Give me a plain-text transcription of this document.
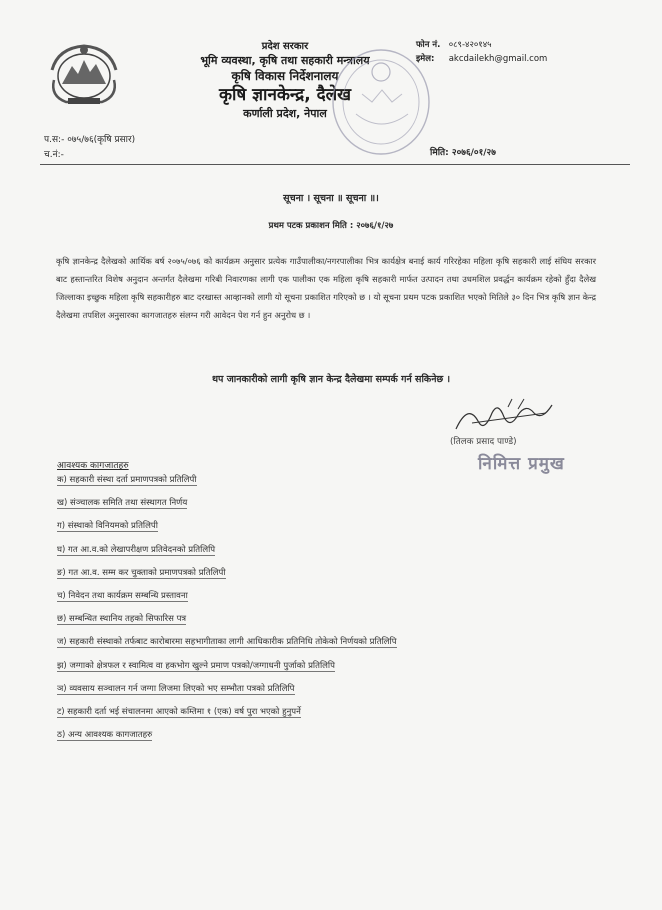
प्रदेश सरकार
भूमि व्यवस्था, कृषि तथा सहकारी मन्त्रालय
कृषि विकास निर्देशनालय
कृषि ज्ञानकेन्द्र, दैलेख
कर्णाली प्रदेश, नेपाल
फोन नं. ०८९-४२०१४५
इमेल: akcdailekh@gmail.com
प.स:- ०७५/७६(कृषि प्रसार)
च.नं:-	मिति: २०७६/०१/२७
सूचना । सूचना ॥ सूचना ॥।
प्रथम पटक प्रकाशन मिति : २०७६/१/२७
कृषि ज्ञानकेन्द्र दैलेखको आर्थिक बर्ष २०७५/०७६ को कार्यक्रम अनुसार प्रत्येक गाउँपालीका/नगरपालीका भित्र कार्यक्षेत्र बनाई कार्य गरिरहेका महिला कृषि सहकारी लाई संघिय सरकार बाट हस्तान्तरित विशेष अनुदान अन्तर्गत दैलेखमा गरिबी निवारणका लागी एक पालीका एक महिला कृषि सहकारी मार्फत उत्पादन तथा उधमशिल प्रवर्द्धन कार्यक्रम रहेको हुँदा दैलेख जिल्लाका इच्छुक महिला कृषि सहकारीहरु बाट दरखास्त आव्हानको लागी यो सूचना प्रकाशित गरिएको छ । यो सूचना प्रथम पटक प्रकाशित भएको मितिले ३० दिन भित्र कृषि ज्ञान केन्द्र दैलेखमा तपशिल अनुसारका कागजातहरु संलग्न गरी आवेदन पेश गर्न हुन अनुरोध छ ।
थप जानकारीको लागी कृषि ज्ञान केन्द्र दैलेखमा सम्पर्क गर्न सकिनेछ ।
(तिलक प्रसाद पाण्डे)
निमित्त प्रमुख
आवश्यक कागजातहरु
क) सहकारी संस्था दर्ता प्रमाणपत्रको प्रतिलिपी
ख) संञ्चालक समिति तथा संस्थागत निर्णय
ग) संस्थाको विनियमको प्रतिलिपी
घ) गत आ.व.को लेखापरीक्षण प्रतिवेदनको प्रतिलिपि
ङ) गत आ.व. सम्म कर चुक्ताको प्रमाणपत्रको प्रतिलिपी
च) निवेदन तथा कार्यक्रम सम्बन्धि प्रस्तावना
छ) सम्बन्धित स्थानिय तहको सिफारिस पत्र
ज) सहकारी संस्थाको तर्फबाट कारोबारमा सहभागीताका लागी आधिकारीक प्रतिनिधि तोकेको निर्णयको प्रतिलिपि
झ) जग्गाको क्षेत्रफल र स्वामित्व वा हकभोग खुल्ने प्रमाण पत्रको/जग्गाधनी पुर्जाको प्रतिलिपि
ञ) व्यवसाय सञ्चालन गर्न जग्गा लिजमा लिएको भए सम्भौता पत्रको प्रतिलिपि
ट) सहकारी दर्ता भई संचालनमा आएको कम्तिमा १ (एक) वर्ष पुरा भएको हुनुपर्ने
ठ) अन्य आवश्यक कागजातहरु
